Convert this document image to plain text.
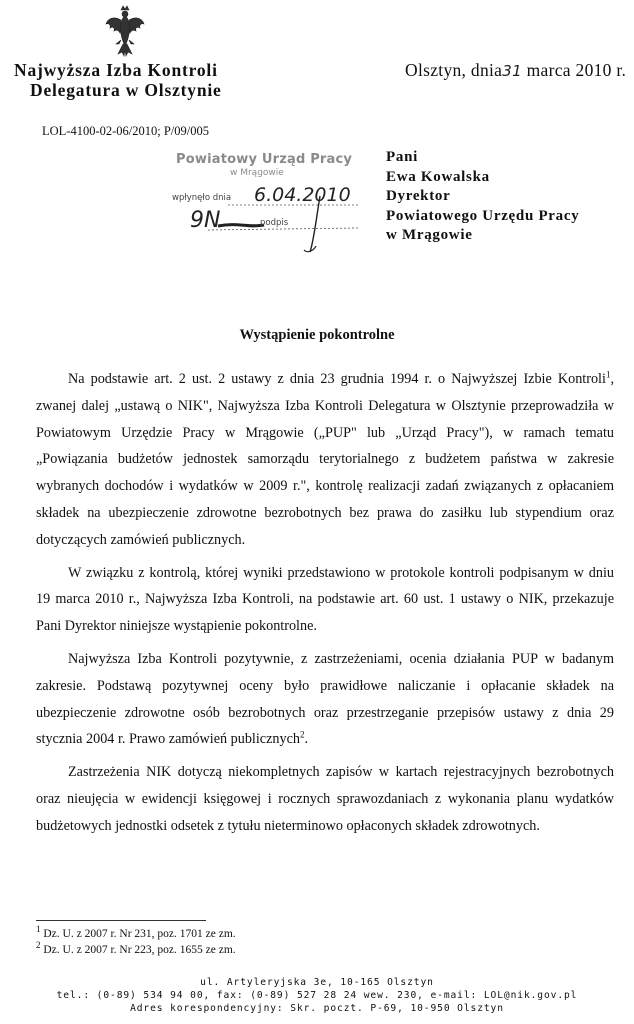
Najwyższa Izba Kontroli
Delegatura w Olsztynie
Olsztyn, dnia31 marca 2010 r.
LOL-4100-02-06/2010; P/09/005
Powiatowy Urząd Pracy
w Mrągowie
wpłynęło dnia 6.04.2010
9N	podpis
Pani
Ewa Kowalska
Dyrektor
Powiatowego Urzędu Pracy
w Mrągowie
Wystąpienie pokontrolne

Na podstawie art. 2 ust. 2 ustawy z dnia 23 grudnia 1994 r. o Najwyższej Izbie Kontroli$^1$, zwanej dalej „ustawą o NIK", Najwyższa Izba Kontroli Delegatura w Olsztynie przeprowadziła w Powiatowym Urzędzie Pracy w Mrągowie („PUP" lub „Urząd Pracy"), w ramach tematu „Powiązania budżetów jednostek samorządu terytorialnego z budżetem państwa w zakresie wybranych dochodów i wydatków w 2009 r.", kontrolę realizacji zadań związanych z opłacaniem składek na ubezpieczenie zdrowotne bezrobotnych bez prawa do zasiłku lub stypendium oraz dotyczących zamówień publicznych.

W związku z kontrolą, której wyniki przedstawiono w protokole kontroli podpisanym w dniu 19 marca 2010 r., Najwyższa Izba Kontroli, na podstawie art. 60 ust. 1 ustawy o NIK, przekazuje Pani Dyrektor niniejsze wystąpienie pokontrolne.

Najwyższa Izba Kontroli pozytywnie, z zastrzeżeniami, ocenia działania PUP w badanym zakresie. Podstawą pozytywnej oceny było prawidłowe naliczanie i opłacanie składek na ubezpieczenie zdrowotne osób bezrobotnych oraz przestrzeganie przepisów ustawy z dnia 29 stycznia 2004 r. Prawo zamówień publicznych$^2$.

Zastrzeżenia NIK dotyczą niekompletnych zapisów w kartach rejestracyjnych bezrobotnych oraz nieujęcia w ewidencji księgowej i rocznych sprawozdaniach z wykonania planu wydatków budżetowych jednostki odsetek z tytułu nieterminowo opłaconych składek zdrowotnych.

$^1$ Dz. U. z 2007 r. Nr 231, poz. 1701 ze zm.
$^2$ Dz. U. z 2007 r. Nr 223, poz. 1655 ze zm.
ul. Artyleryjska 3e, 10-165 Olsztyn
tel.: (0-89) 534 94 00, fax: (0-89) 527 28 24 wew. 230, e-mail: LOL@nik.gov.pl
Adres korespondencyjny: Skr. poczt. P-69, 10-950 Olsztyn
